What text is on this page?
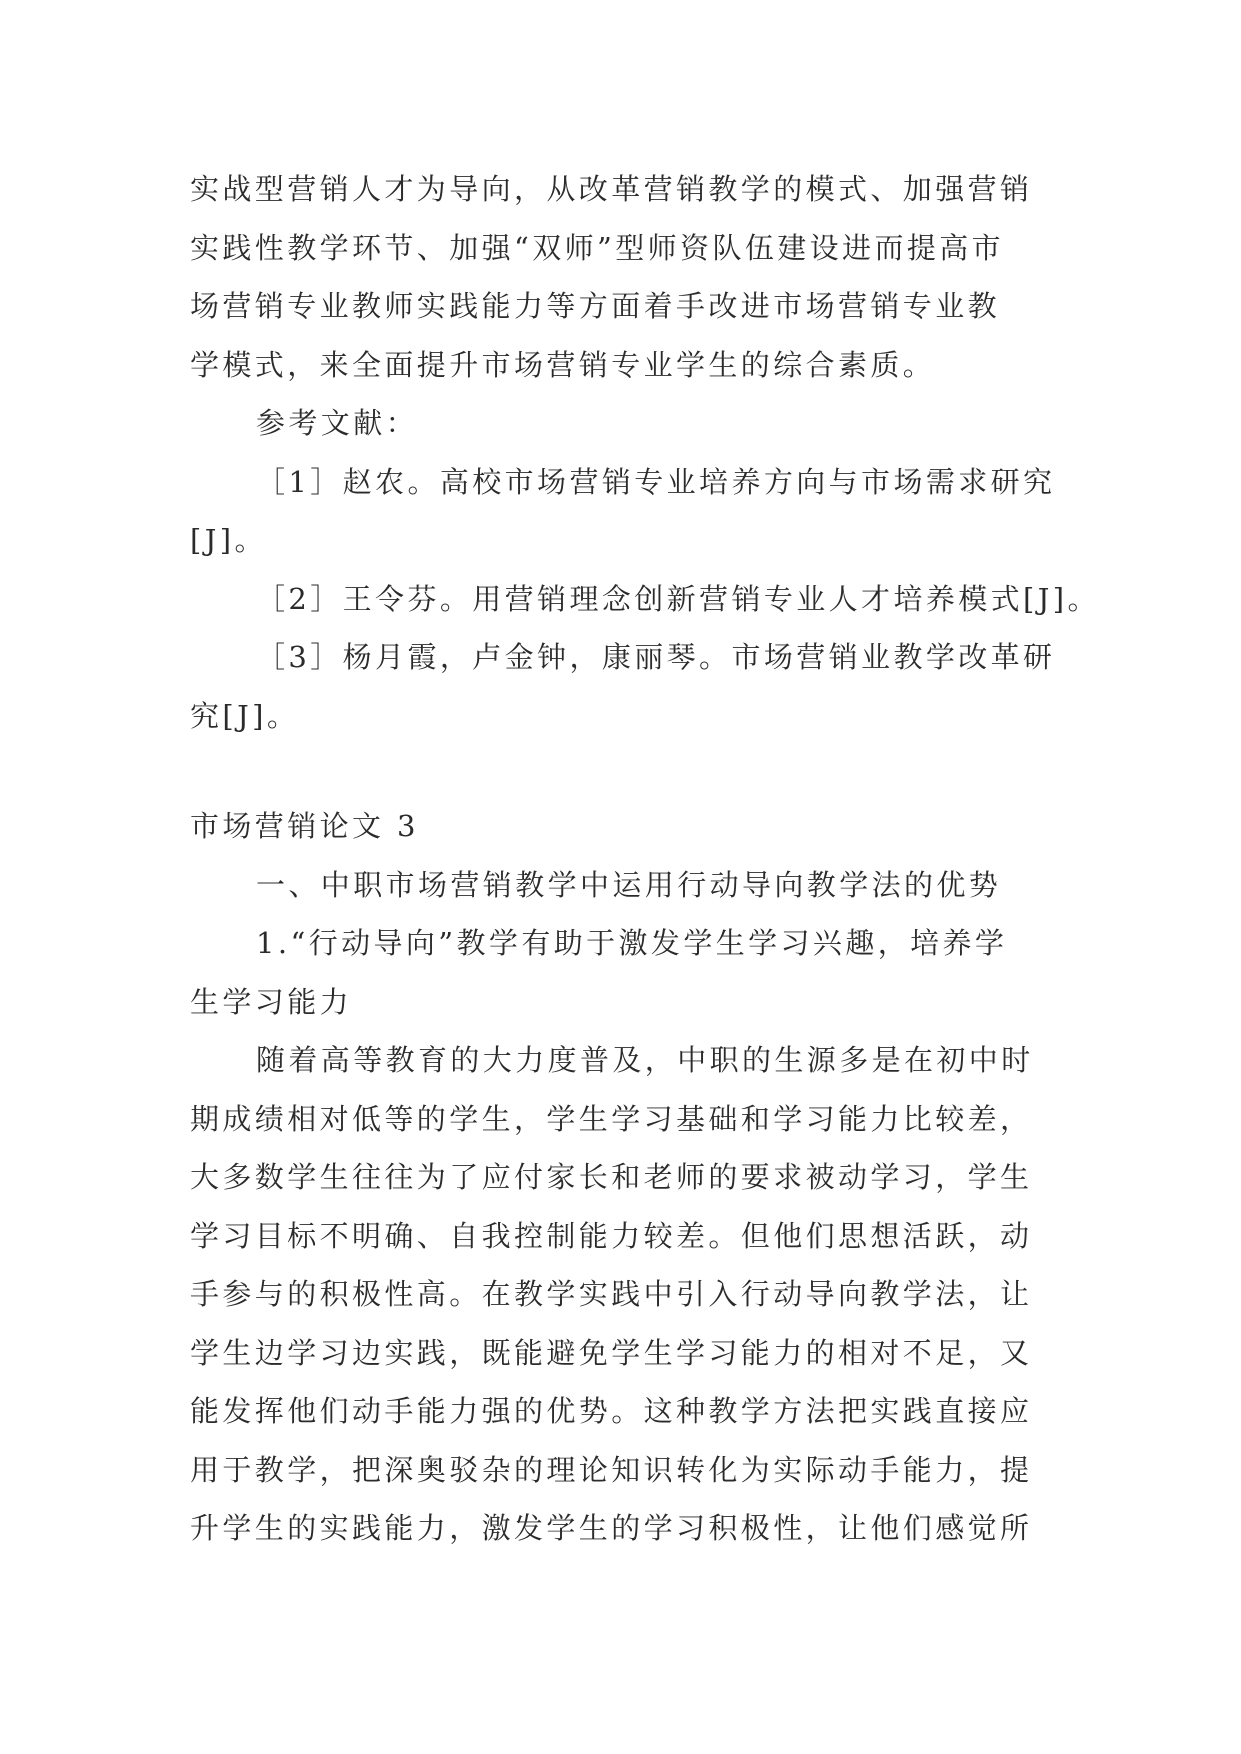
实战型营销人才为导向，从改革营销教学的模式、加强营销
实践性教学环节、加强“双师”型师资队伍建设进而提高市
场营销专业教师实践能力等方面着手改进市场营销专业教
学模式，来全面提升市场营销专业学生的综合素质。
参考文献：
［1］赵农。高校市场营销专业培养方向与市场需求研究
[J]。
［2］王令芬。用营销理念创新营销专业人才培养模式[J]。
［3］杨月霞，卢金钟，康丽琴。市场营销业教学改革研
究[J]。
市场营销论文 3
一、中职市场营销教学中运用行动导向教学法的优势
1.“行动导向”教学有助于激发学生学习兴趣，培养学
生学习能力
随着高等教育的大力度普及，中职的生源多是在初中时
期成绩相对低等的学生，学生学习基础和学习能力比较差，
大多数学生往往为了应付家长和老师的要求被动学习，学生
学习目标不明确、自我控制能力较差。但他们思想活跃，动
手参与的积极性高。在教学实践中引入行动导向教学法，让
学生边学习边实践，既能避免学生学习能力的相对不足，又
能发挥他们动手能力强的优势。这种教学方法把实践直接应
用于教学，把深奥驳杂的理论知识转化为实际动手能力，提
升学生的实践能力，激发学生的学习积极性，让他们感觉所
